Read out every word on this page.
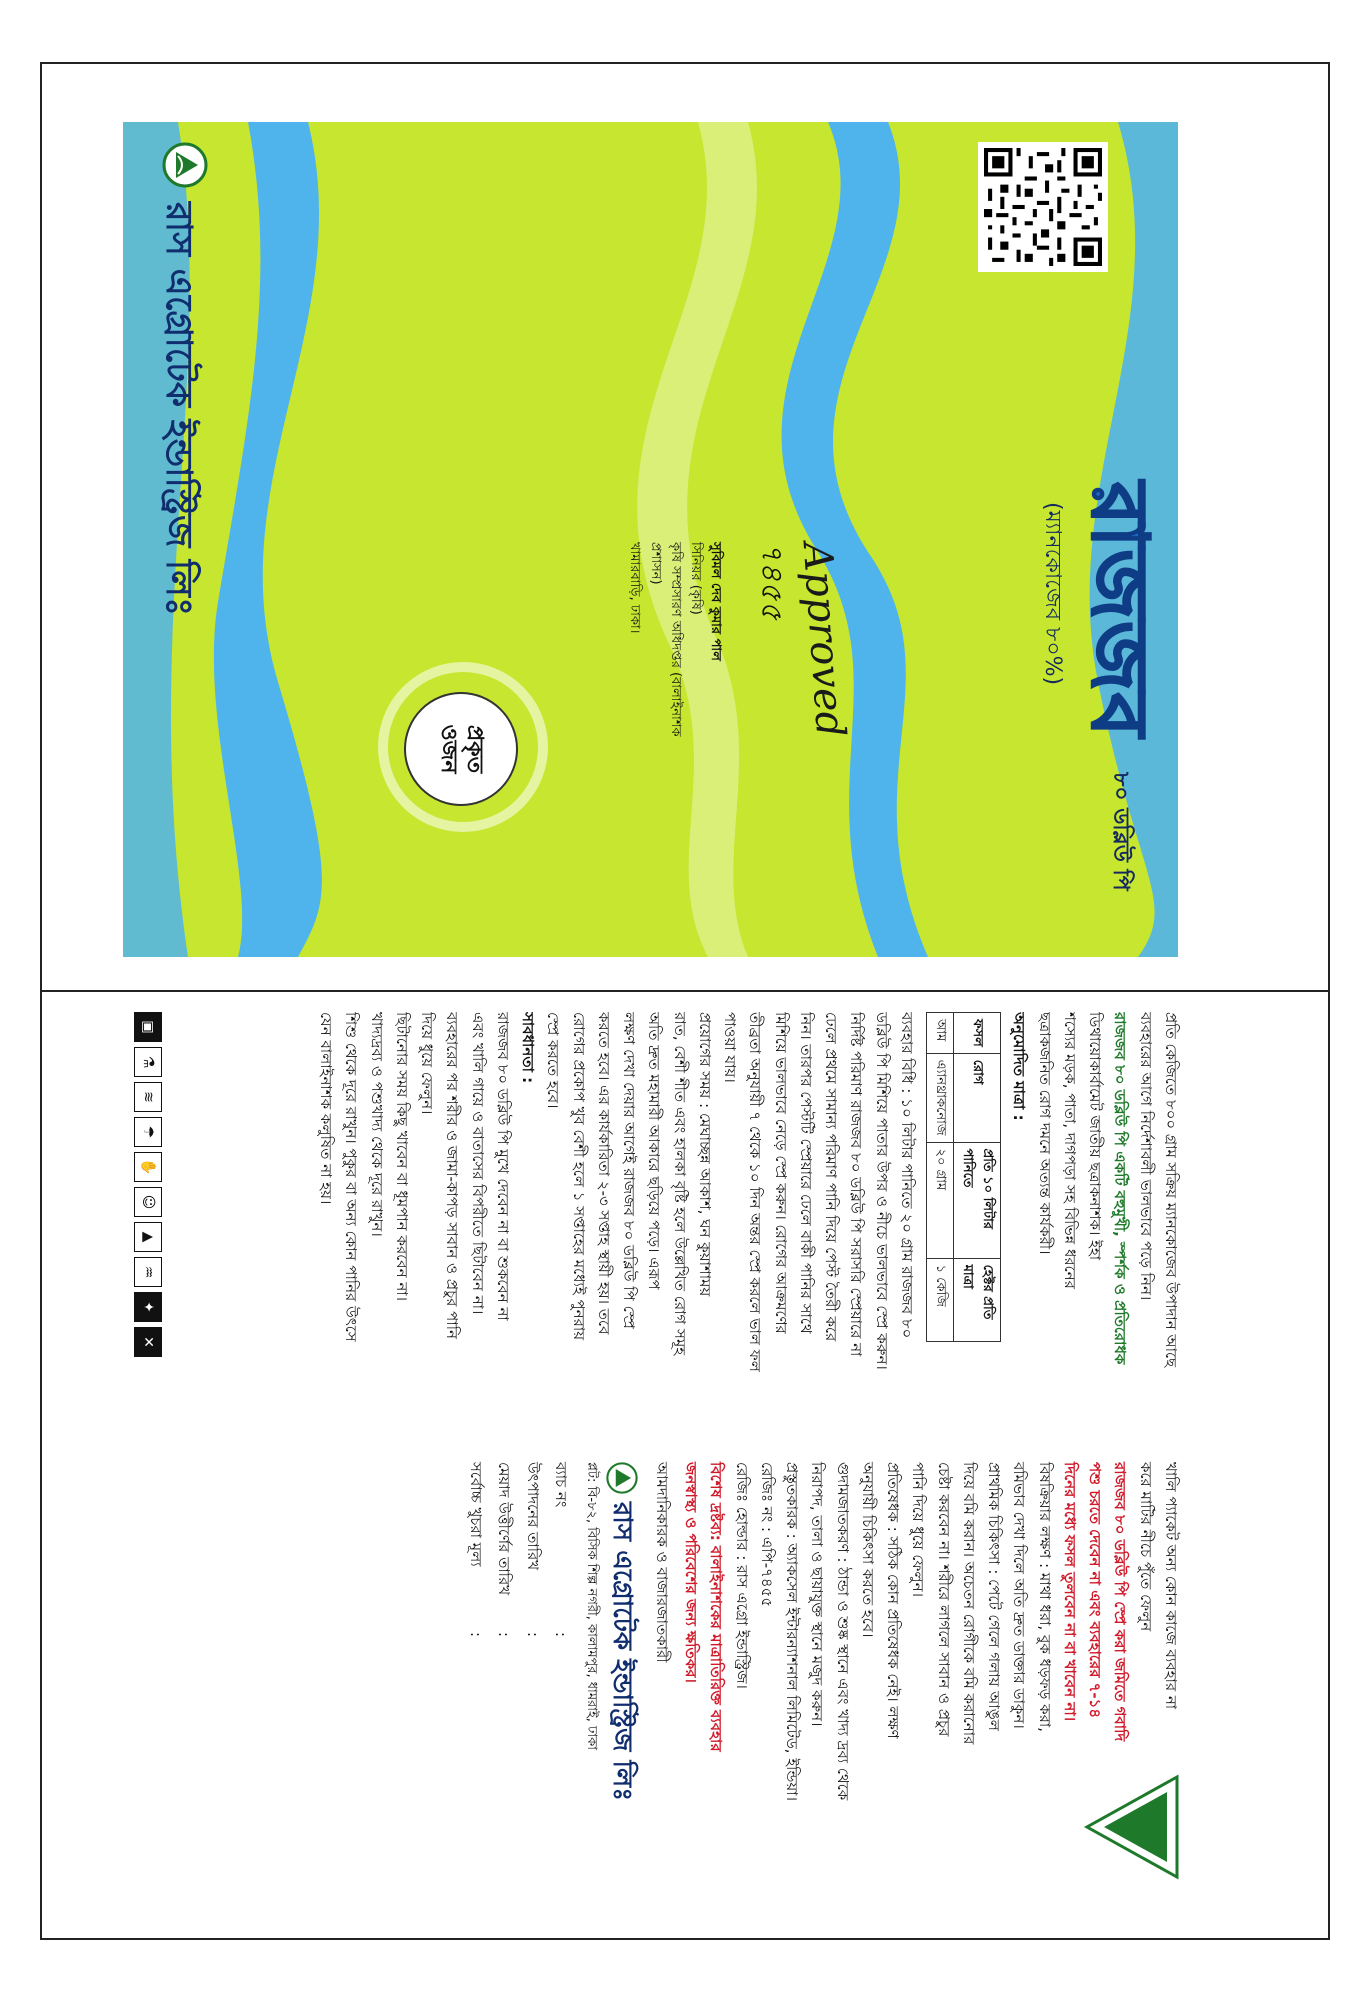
রাজজব
৮০ ডব্লিউ পি
(ম্যানকোজেব ৮০%)
Approved
৭৪৫৫
সুবিমল দেব কুমার পাল
সিনিয়র (কৃষি)
কৃষি সম্প্রসারণ অধিদপ্তর (বালাইনাশক প্রশাসন)
খামারবাড়ি, ঢাকা।
প্রকৃত
ওজন
রাস এগ্রোটেক ইন্ডাস্ট্রিজ লিঃ

প্রতি কেজিতে ৮০০ গ্রাম সক্রিয় ম্যানকোজেব উপাদান আছে

ব্যবহারের আগে নির্দেশাবলী ভালভাবে পড়ে নিন।

রাজজব ৮০ ডব্লিউ পি একটি বহুমুখী, স্পর্শক ও প্রতিরোধক

ডিথায়োকার্বামেট জাতীয় ছত্রাকনাশক। ইহা

শস্যের মড়ক, পাতা, দাগপড়া সহ বিভিন্ন ধরনের

ছত্রাকজনিত রোগ দমনে অত্যন্ত কার্যকরী।

অনুমোদিত মাত্রা :

ফসল	রোগ	প্রতি ১০ লিটার পানিতে	হেক্টর প্রতি মাত্রা
আম	এ্যানথ্রাকনোজ	২০ গ্রাম	১ কেজি

ব্যবহার বিধি : ১০ লিটার পানিতে ২০ গ্রাম রাজজব ৮০

ডব্লিউ পি মিশিয়ে পাতার উপর ও নীচে ভালভাবে স্প্রে করুন।

নির্দিষ্ট পরিমাণ রাজজব ৮০ ডব্লিউ পি সরাসরি স্প্রেয়ারে না

ঢেলে প্রথমে সামান্য পরিমাণ পানি দিয়ে পেস্ট তৈরী করে

নিন। তারপর পেস্টটি স্প্রেয়ারে ঢেলে বাকী পানির সাথে

মিশিয়ে ভালভাবে নেড়ে স্প্রে করুন। রোগের আক্রমণের

তীব্রতা অনুযায়ী ৭ থেকে ১০ দিন অন্তর স্প্রে করলে ভাল ফল

পাওয়া যায়।

প্রয়োগের সময় : মেঘাচ্ছন্ন আকাশ, ঘন কুয়াশাময়

রাত, বেশী শীত এবং হালকা বৃষ্টি হলে উল্লেখিত রোগ সমূহ

অতি দ্রুত মহামারী আকারে ছড়িয়ে পড়ে। এরূপ

লক্ষণ দেখা দেয়ার আগেই রাজজব ৮০ ডব্লিউ পি স্প্রে

করতে হবে। এর কার্যকারিতা ২-৩ সপ্তাহ স্থায়ী হয়। তবে

রোগের প্রকোপ খুব বেশী হলে ১ সপ্তাহের মধ্যেই পুনরায়

স্প্রে করতে হবে।

সাবধানতা :

রাজজব ৮০ ডব্লিউ পি মুখে দেবেন না বা শুকবেন না

এবং খালি গায়ে ও বাতাসের বিপরীতে ছিটাবেন না।

ব্যবহারের পর শরীর ও জামা-কাপড় সাবান ও প্রচুর পানি

দিয়ে ধুয়ে ফেলুন।

ছিটানোর সময় কিছু খাবেন বা ধূমপান করবেন না।

খাদ্যদ্রব্য ও পশুখাদ্য থেকে দূরে রাখুন।

শিশু থেকে দূরে রাখুন। পুকুর বা অন্য কোন পানির উৎসে

যেন বালাইনাশক কলুষিত না হয়।

খালি প্যাকেট অন্য কোন কাজে ব্যবহার না

করে মাটির নীচে পুঁতে ফেলুন

রাজজব ৮০ ডব্লিউ পি স্প্রে করা জমিতে গবাদি

পশু চরতে দেবেন না এবং ব্যবহারের ৭-১৪

দিনের মধ্যে ফসল তুলবেন না বা খাবেন না।

বিষক্রিয়ার লক্ষণ : মাথা ধরা, বুক ধড়ফড় করা,

বমিভাব দেখা দিলে অতি দ্রুত ডাক্তার ডাকুন।

প্রাথমিক চিকিৎসা : পেটে গেলে গলায় আঙুল

দিয়ে বমি করান। অচেতন রোগীকে বমি করানোর

চেষ্টা করবেন না। শরীরে লাগলে সাবান ও প্রচুর

পানি দিয়ে ধুয়ে ফেলুন।

প্রতিষেধক : সঠিক কোন প্রতিষেধক নেই। লক্ষণ

অনুযায়ী চিকিৎসা করতে হবে।

গুদামজাতকরণ : ঠান্ডা ও শুষ্ক স্থানে এবং খাদ্য দ্রব্য থেকে

নিরাপদ, তালা ও ছায়াযুক্ত স্থানে মজুদ করুন।

প্রস্তুতকারক : অ্যাকসেল ইন্টারন্যাশনাল লিমিটেড, ইন্ডিয়া।

রেজিঃ নং : এপি-৭৪৫৫

রেজিঃ হোল্ডার : রাস এগ্রো ইন্ডাস্ট্রিজ।

বিশেষ দ্রষ্টব্য: বালাইনাশকের মাত্রাতিরিক্ত ব্যবহার

জনস্বাস্থ্য ও পরিবেশের জন্য ক্ষতিকর।

আমদানিকারক ও বাজারজাতকারী

রাস এগ্রোটেক ইন্ডাস্ট্রিজ লিঃ

প্লট: বি-৮২, বিসিক শিল্প নগরী, কালামপুর, ধামরাই, ঢাকা

ব্যাচ নং
:
উৎপাদনের তারিখ
:
মেয়াদ উত্তীর্ণের তারিখ
:
সর্বোচ্চ খুচরা মূল্য
:
▣
⚗
≋
☂
✋
☺
▲
♒
✦
✕
